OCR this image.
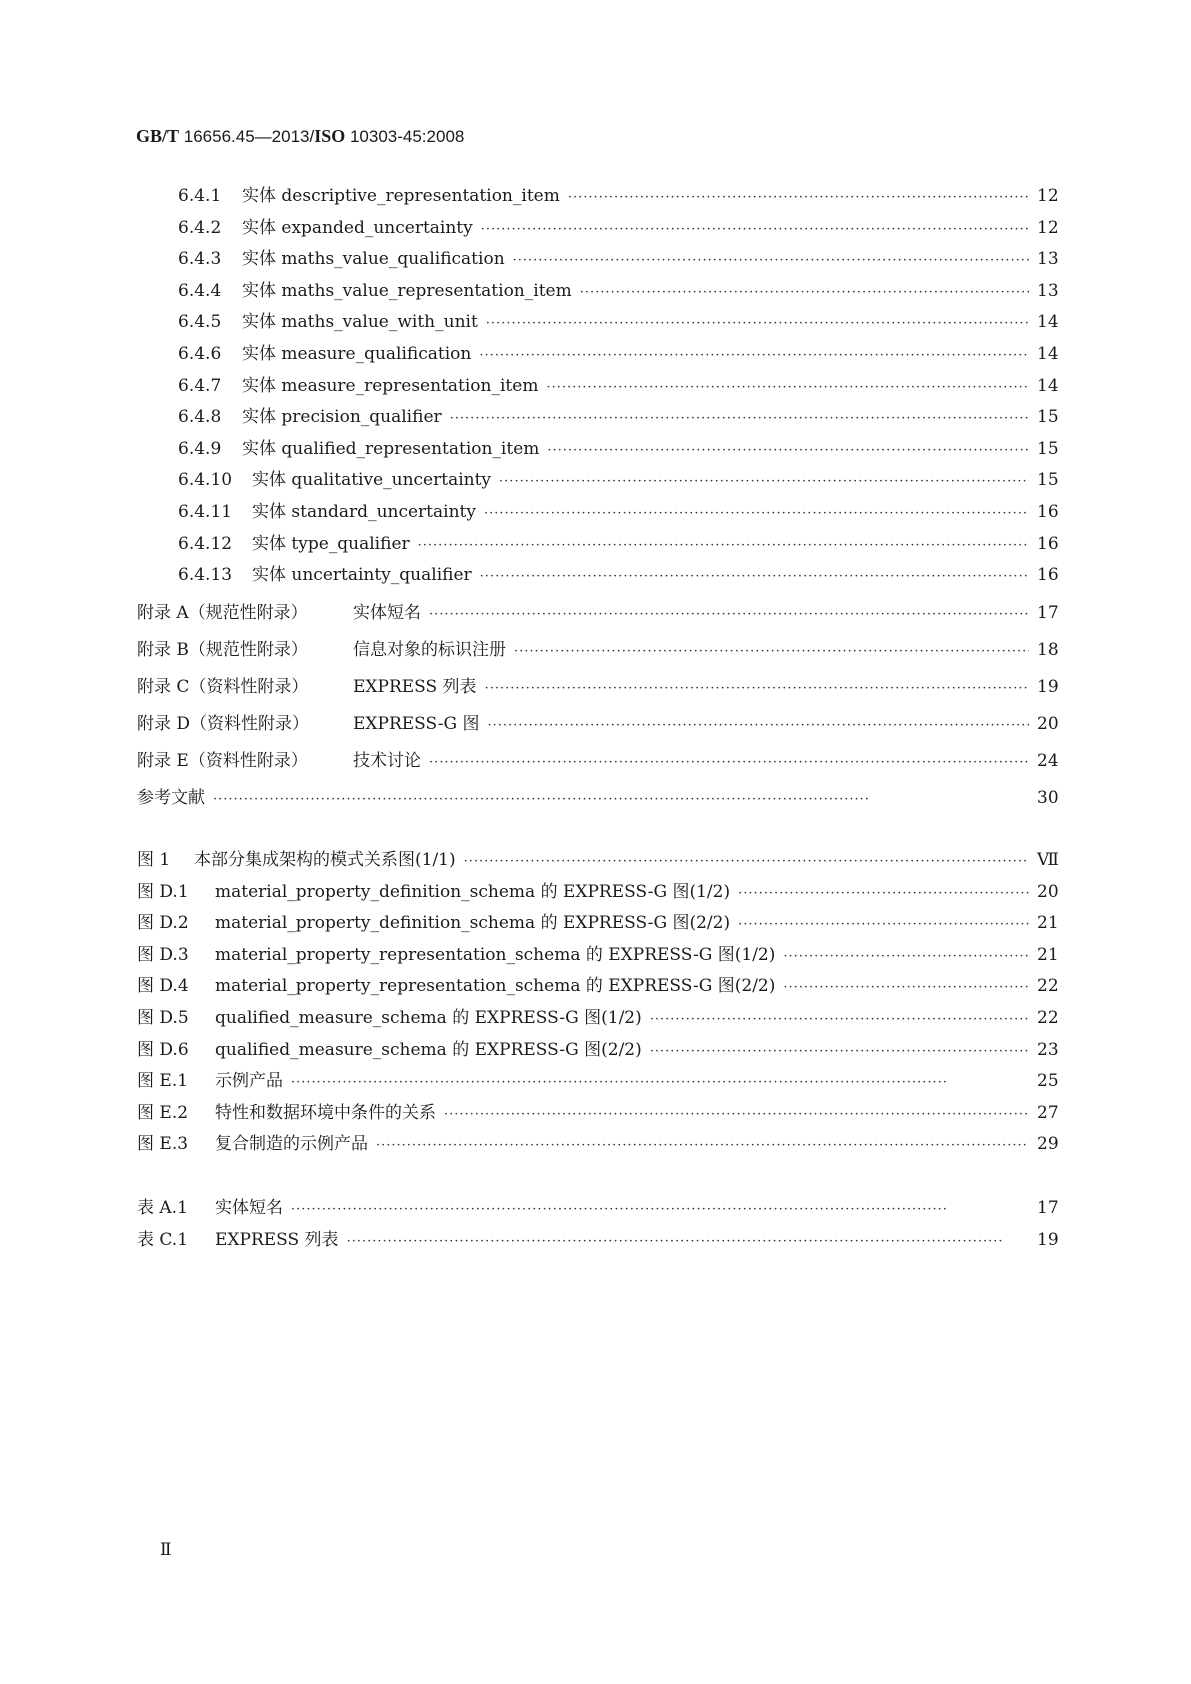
GB/T 16656.45—2013/ISO 10303-45:2008
6.4.1	实体 descriptive_representation_item ·····	12
6.4.2	实体 expanded_uncertainty ·····	12
6.4.3	实体 maths_value_qualification ·····	13
6.4.4	实体 maths_value_representation_item ·····	13
6.4.5	实体 maths_value_with_unit ·····	14
6.4.6	实体 measure_qualification ·····	14
6.4.7	实体 measure_representation_item ·····	14
6.4.8	实体 precision_qualifier ·····	15
6.4.9	实体 qualified_representation_item ·····	15
6.4.10	实体 qualitative_uncertainty ·····	15
6.4.11	实体 standard_uncertainty ·····	16
6.4.12	实体 type_qualifier ·····	16
6.4.13	实体 uncertainty_qualifier ·····	16
附录 A（规范性附录）	实体短名 ·····	17
附录 B（规范性附录）	信息对象的标识注册 ·····	18
附录 C（资料性附录）	EXPRESS 列表 ·····	19
附录 D（资料性附录）	EXPRESS-G 图 ·····	20
附录 E（资料性附录）	技术讨论 ·····	24
参考文献 ·····	30
图 1	本部分集成架构的模式关系图(1/1) ·····	Ⅶ
图 D.1	material_property_definition_schema 的 EXPRESS-G 图(1/2) ·····	20
图 D.2	material_property_definition_schema 的 EXPRESS-G 图(2/2) ·····	21
图 D.3	material_property_representation_schema 的 EXPRESS-G 图(1/2) ·····	21
图 D.4	material_property_representation_schema 的 EXPRESS-G 图(2/2) ·····	22
图 D.5	qualified_measure_schema 的 EXPRESS-G 图(1/2) ·····	22
图 D.6	qualified_measure_schema 的 EXPRESS-G 图(2/2) ·····	23
图 E.1	示例产品 ·····	25
图 E.2	特性和数据环境中条件的关系 ·····	27
图 E.3	复合制造的示例产品 ·····	29
表 A.1	实体短名 ·····	17
表 C.1	EXPRESS 列表 ·····	19
Ⅱ
